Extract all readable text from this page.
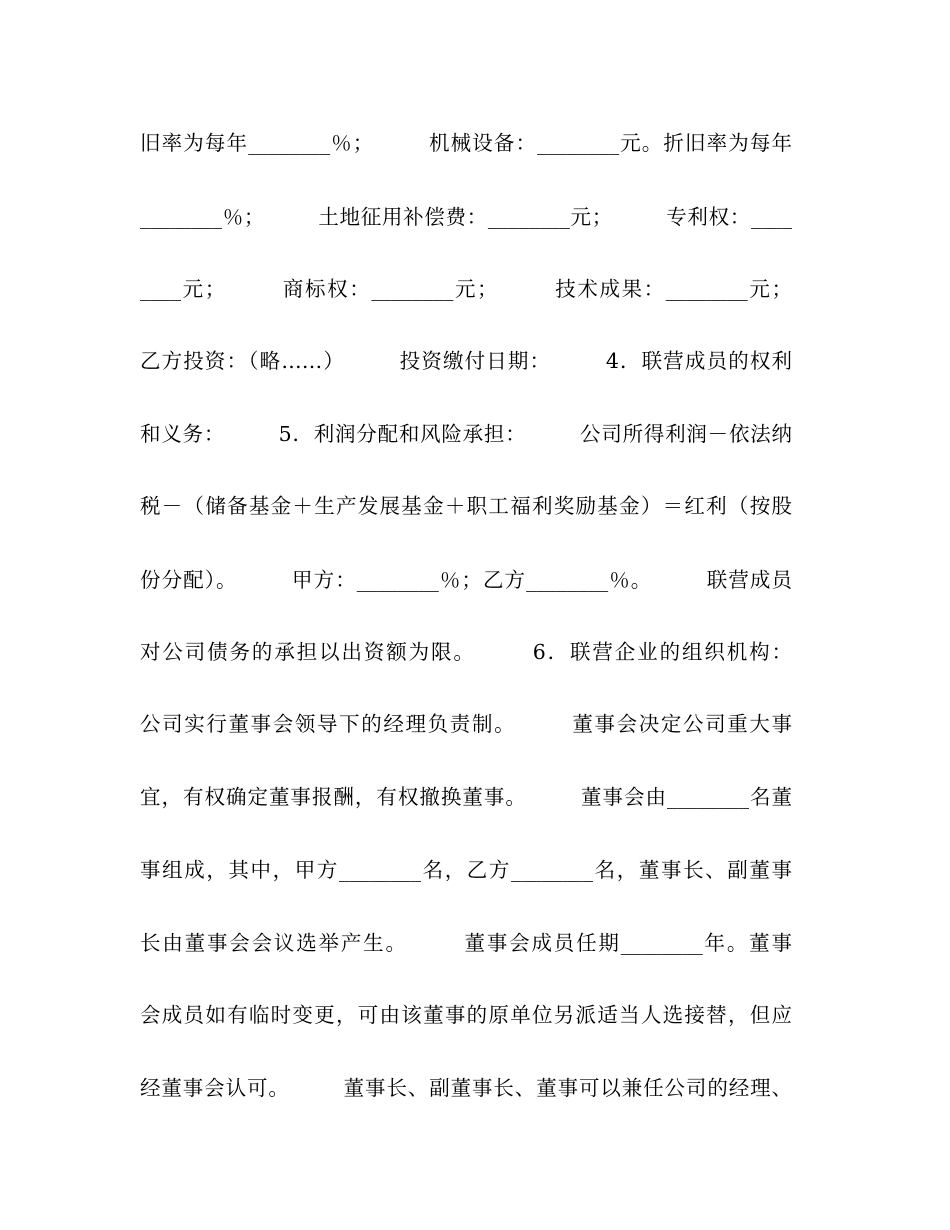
旧率为每年________％；　　　机械设备：________元。折旧率为每年
________％；　　　土地征用补偿费：________元；　　　专利权：____
____元；　　　商标权：________元；　　　技术成果：________元；
乙方投资：（略……）　　　投资缴付日期：　　　4．联营成员的权利
和义务：　　　5．利润分配和风险承担：　　　公司所得利润－依法纳
税－（储备基金＋生产发展基金＋职工福利奖励基金）＝红利（按股
份分配）。　　　甲方：________％；乙方________％。　　　联营成员
对公司债务的承担以出资额为限。　　　6．联营企业的组织机构：
公司实行董事会领导下的经理负责制。　　　董事会决定公司重大事
宜，有权确定董事报酬，有权撤换董事。　　　董事会由________名董
事组成，其中，甲方________名，乙方________名，董事长、副董事
长由董事会会议选举产生。　　　董事会成员任期________年。董事
会成员如有临时变更，可由该董事的原单位另派适当人选接替，但应
经董事会认可。　　　董事长、副董事长、董事可以兼任公司的经理、
